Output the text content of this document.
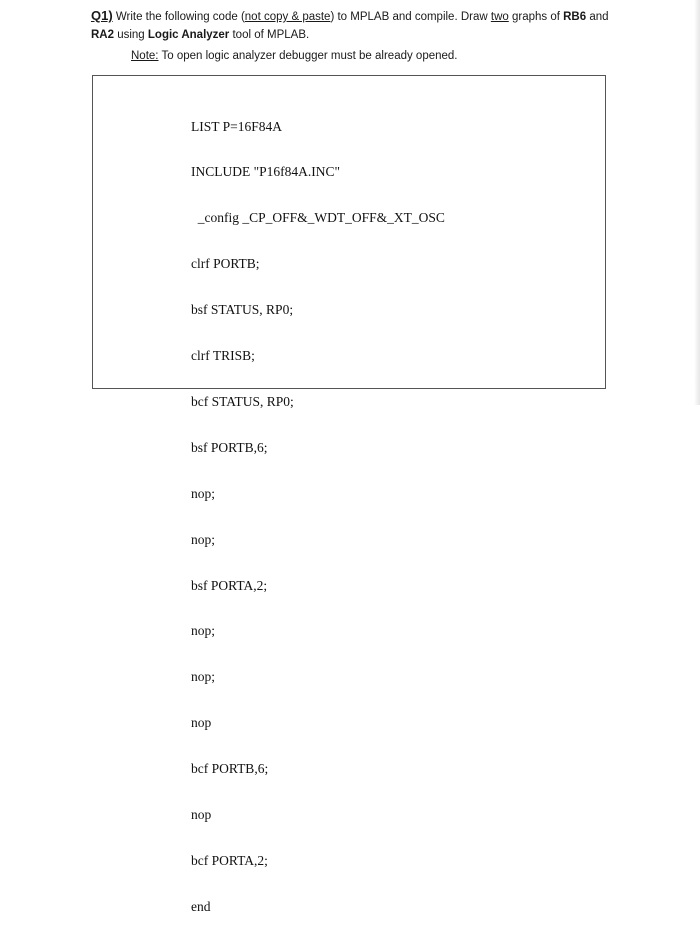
Q1) Write the following code (not copy & paste) to MPLAB and compile. Draw two graphs of RB6 and
RA2 using Logic Analyzer tool of MPLAB.
Note: To open logic analyzer debugger must be already opened.

LIST P=16F84A

INCLUDE "P16f84A.INC"

_config _CP_OFF&_WDT_OFF&_XT_OSC

clrf PORTB;

bsf STATUS, RP0;

clrf TRISB;

bcf STATUS, RP0;

bsf PORTB,6;

nop;

nop;

bsf PORTA,2;

nop;

nop;

nop

bcf PORTB,6;

nop

bcf PORTA,2;

end
